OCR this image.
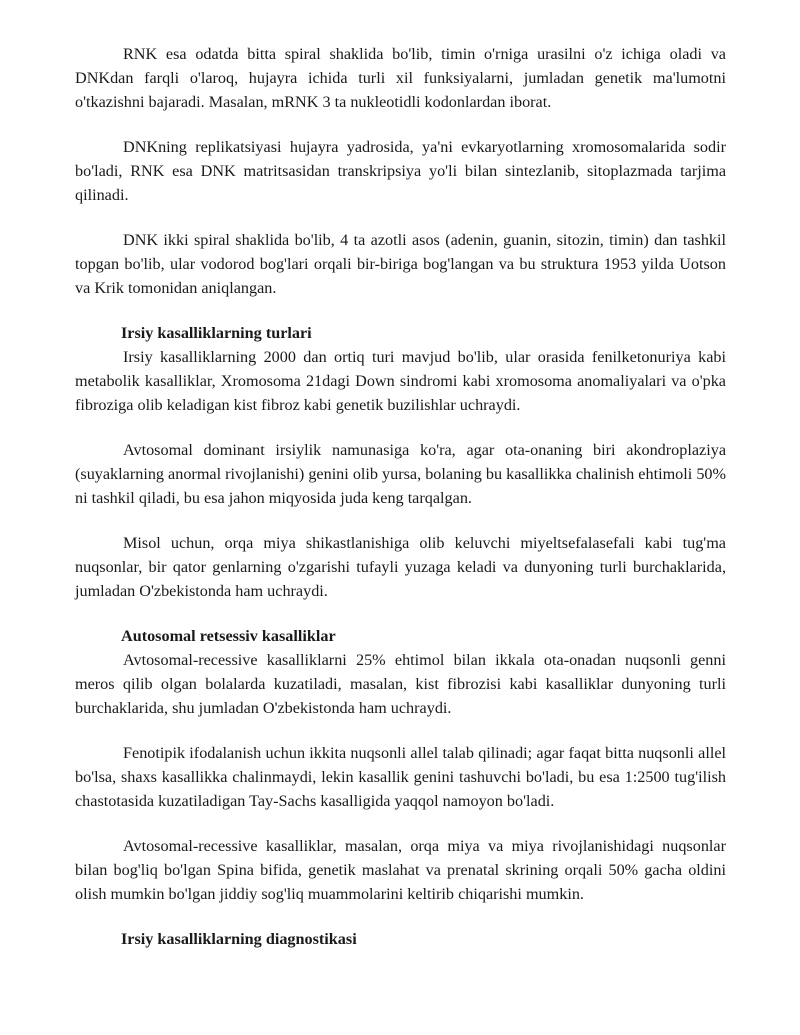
RNK esa odatda bitta spiral shaklida bo'lib, timin o'rniga urasilni o'z ichiga oladi va DNKdan farqli o'laroq, hujayra ichida turli xil funksiyalarni, jumladan genetik ma'lumotni o'tkazishni bajaradi. Masalan, mRNK 3 ta nukleotidli kodonlardan iborat.

DNKning replikatsiyasi hujayra yadrosida, ya'ni evkaryotlarning xromosomalarida sodir bo'ladi, RNK esa DNK matritsasidan transkripsiya yo'li bilan sintezlanib, sitoplazmada tarjima qilinadi.

DNK ikki spiral shaklida bo'lib, 4 ta azotli asos (adenin, guanin, sitozin, timin) dan tashkil topgan bo'lib, ular vodorod bog'lari orqali bir-biriga bog'langan va bu struktura 1953 yilda Uotson va Krik tomonidan aniqlangan.

Irsiy kasalliklarning turlari

Irsiy kasalliklarning 2000 dan ortiq turi mavjud bo'lib, ular orasida fenilketonuriya kabi metabolik kasalliklar, Xromosoma 21dagi Down sindromi kabi xromosoma anomaliyalari va o'pka fibroziga olib keladigan kist fibroz kabi genetik buzilishlar uchraydi.

Avtosomal dominant irsiylik namunasiga ko'ra, agar ota-onaning biri akondroplaziya (suyaklarning anormal rivojlanishi) genini olib yursa, bolaning bu kasallikka chalinish ehtimoli 50% ni tashkil qiladi, bu esa jahon miqyosida juda keng tarqalgan.

Misol uchun, orqa miya shikastlanishiga olib keluvchi miyeltsefalasefali kabi tug'ma nuqsonlar, bir qator genlarning o'zgarishi tufayli yuzaga keladi va dunyoning turli burchaklarida, jumladan O'zbekistonda ham uchraydi.

Autosomal retsessiv kasalliklar

Avtosomal-recessive kasalliklarni 25% ehtimol bilan ikkala ota-onadan nuqsonli genni meros qilib olgan bolalarda kuzatiladi, masalan, kist fibrozisi kabi kasalliklar dunyoning turli burchaklarida, shu jumladan O'zbekistonda ham uchraydi.

Fenotipik ifodalanish uchun ikkita nuqsonli allel talab qilinadi; agar faqat bitta nuqsonli allel bo'lsa, shaxs kasallikka chalinmaydi, lekin kasallik genini tashuvchi bo'ladi, bu esa 1:2500 tug'ilish chastotasida kuzatiladigan Tay-Sachs kasalligida yaqqol namoyon bo'ladi.

Avtosomal-recessive kasalliklar, masalan, orqa miya va miya rivojlanishidagi nuqsonlar bilan bog'liq bo'lgan Spina bifida, genetik maslahat va prenatal skrining orqali 50% gacha oldini olish mumkin bo'lgan jiddiy sog'liq muammolarini keltirib chiqarishi mumkin.

Irsiy kasalliklarning diagnostikasi
